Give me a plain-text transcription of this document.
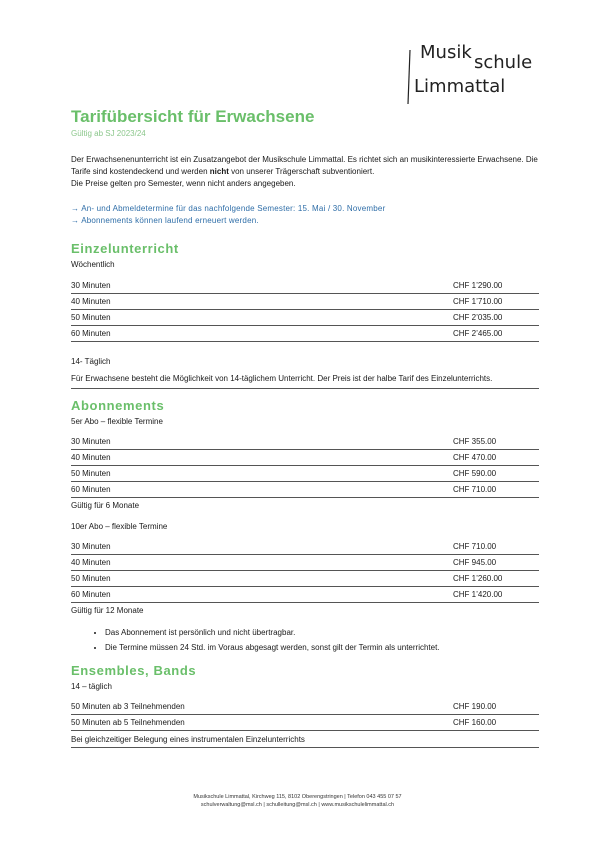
Musik schule
Limmattal
Tarifübersicht für Erwachsene

Gültig ab SJ 2023/24

Der Erwachsenenunterricht ist ein Zusatzangebot der Musikschule Limmattal. Es richtet sich an musikinteressierte Erwachsene. Die Tarife sind kostendeckend und werden nicht von unserer Trägerschaft subventioniert.
Die Preise gelten pro Semester, wenn nicht anders angegeben.
→ An- und Abmeldetermine für das nachfolgende Semester: 15. Mai / 30. November
→ Abonnements können laufend erneuert werden.
Einzelunterricht

Wöchentlich

30 Minuten	CHF 1’290.00
40 Minuten	CHF 1’710.00
50 Minuten	CHF 2’035.00
60 Minuten	CHF 2’465.00

14- Täglich

Für Erwachsene besteht die Möglichkeit von 14-täglichem Unterricht. Der Preis ist der halbe Tarif des Einzelunterrichts.

Abonnements

5er Abo – flexible Termine

30 Minuten	CHF 355.00
40 Minuten	CHF 470.00
50 Minuten	CHF 590.00
60 Minuten	CHF 710.00

Gültig für 6 Monate

10er Abo – flexible Termine

30 Minuten	CHF 710.00
40 Minuten	CHF 945.00
50 Minuten	CHF 1’260.00
60 Minuten	CHF 1’420.00

Gültig für 12 Monate

• Das Abonnement ist persönlich und nicht übertragbar.
• Die Termine müssen 24 Std. im Voraus abgesagt werden, sonst gilt der Termin als unterrichtet.
Ensembles, Bands

14 – täglich

50 Minuten ab 3 Teilnehmenden	CHF 190.00
50 Minuten ab 5 Teilnehmenden	CHF 160.00

Bei gleichzeitiger Belegung eines instrumentalen Einzelunterrichts

Musikschule Limmattal, Kirchweg 115, 8102 Oberengstringen | Telefon 043 455 07 57
schulverwaltung@msl.ch | schulleitung@msl.ch | www.musikschulelimmattal.ch
